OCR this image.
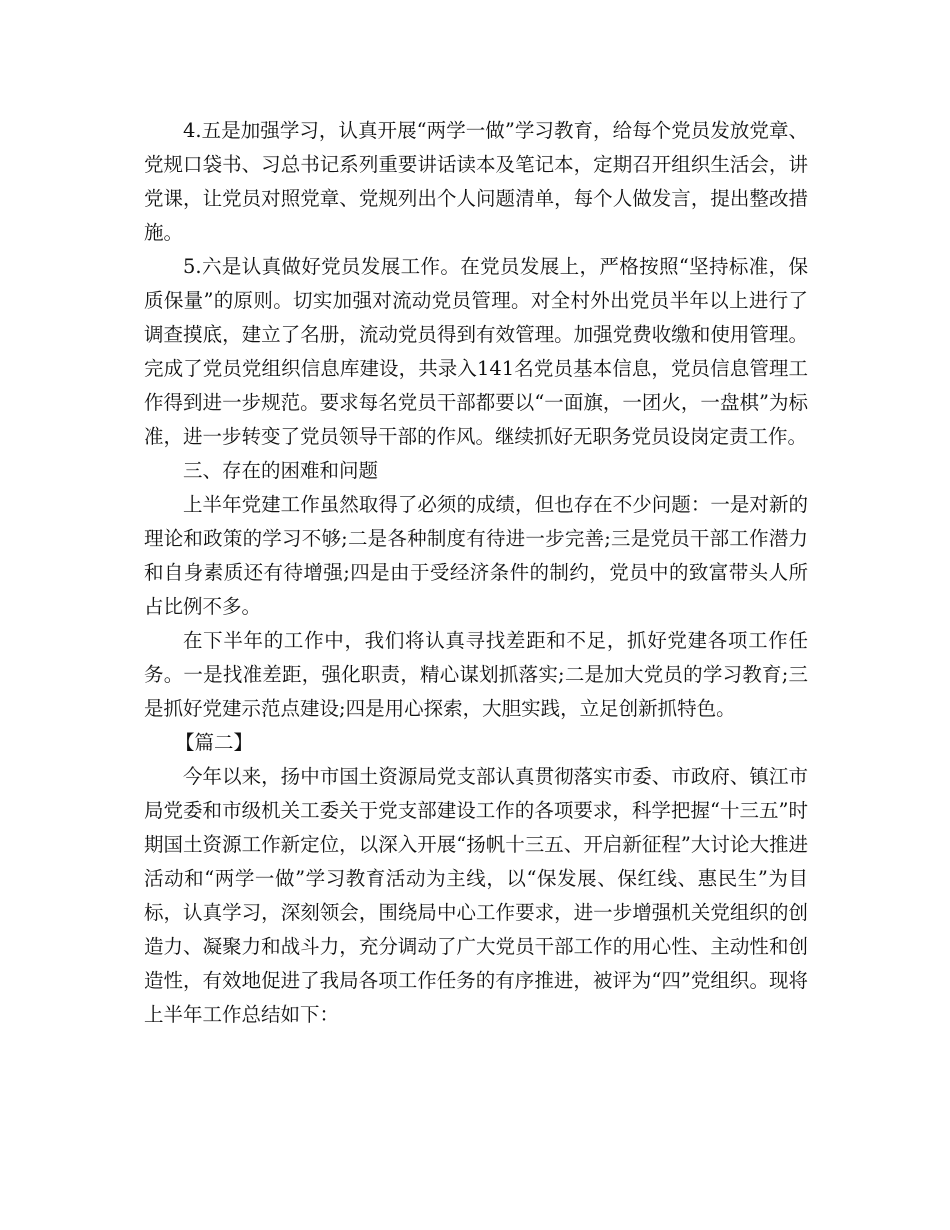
4.五是加强学习，认真开展“两学一做”学习教育，给每个党员发放党章、党规口袋书、习总书记系列重要讲话读本及笔记本，定期召开组织生活会，讲党课，让党员对照党章、党规列出个人问题清单，每个人做发言，提出整改措施。

5.六是认真做好党员发展工作。在党员发展上，严格按照“坚持标准，保质保量”的原则。切实加强对流动党员管理。对全村外出党员半年以上进行了调查摸底，建立了名册，流动党员得到有效管理。加强党费收缴和使用管理。完成了党员党组织信息库建设，共录入141名党员基本信息，党员信息管理工作得到进一步规范。要求每名党员干部都要以“一面旗，一团火，一盘棋”为标准，进一步转变了党员领导干部的作风。继续抓好无职务党员设岗定责工作。

三、存在的困难和问题

上半年党建工作虽然取得了必须的成绩，但也存在不少问题：一是对新的理论和政策的学习不够;二是各种制度有待进一步完善;三是党员干部工作潜力和自身素质还有待增强;四是由于受经济条件的制约，党员中的致富带头人所占比例不多。

在下半年的工作中，我们将认真寻找差距和不足，抓好党建各项工作任务。一是找准差距，强化职责，精心谋划抓落实;二是加大党员的学习教育;三是抓好党建示范点建设;四是用心探索，大胆实践，立足创新抓特色。

【篇二】

今年以来，扬中市国土资源局党支部认真贯彻落实市委、市政府、镇江市局党委和市级机关工委关于党支部建设工作的各项要求，科学把握“十三五”时期国土资源工作新定位，以深入开展“扬帆十三五、开启新征程”大讨论大推进活动和“两学一做”学习教育活动为主线，以“保发展、保红线、惠民生”为目标，认真学习，深刻领会，围绕局中心工作要求，进一步增强机关党组织的创造力、凝聚力和战斗力，充分调动了广大党员干部工作的用心性、主动性和创造性，有效地促进了我局各项工作任务的有序推进，被评为“四”党组织。现将上半年工作总结如下：
